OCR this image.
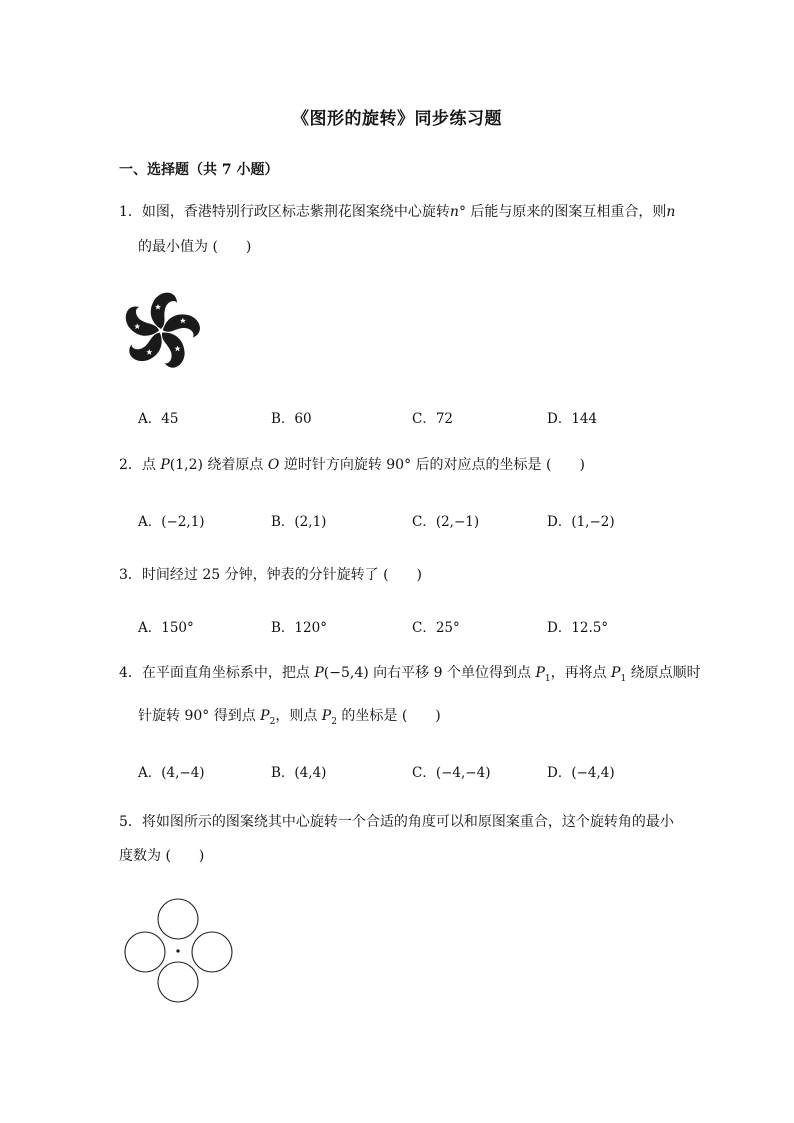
《图形的旋转》同步练习题
一、选择题（共 7 小题）
1．如图，香港特别行政区标志紫荆花图案绕中心旋转n° 后能与原来的图案互相重合，则n
的最小值为 (　　)
A．45	B．60	C．72	D．144
2．点 P(1,2) 绕着原点 O 逆时针方向旋转 90° 后的对应点的坐标是 (　　)
A．(−2,1)	B．(2,1)	C．(2,−1)	D．(1,−2)
3．时间经过 25 分钟，钟表的分针旋转了 (　　)
A．150°	B．120°	C．25°	D．12.5°
4．在平面直角坐标系中，把点 P(−5,4) 向右平移 9 个单位得到点 $P_1$，再将点 $P_1$ 绕原点顺时
针旋转 90° 得到点 $P_2$，则点 $P_2$ 的坐标是 (　　)
A．(4,−4)	B．(4,4)	C．(−4,−4)	D．(−4,4)
5．将如图所示的图案绕其中心旋转一个合适的角度可以和原图案重合，这个旋转角的最小
度数为 (　　)
